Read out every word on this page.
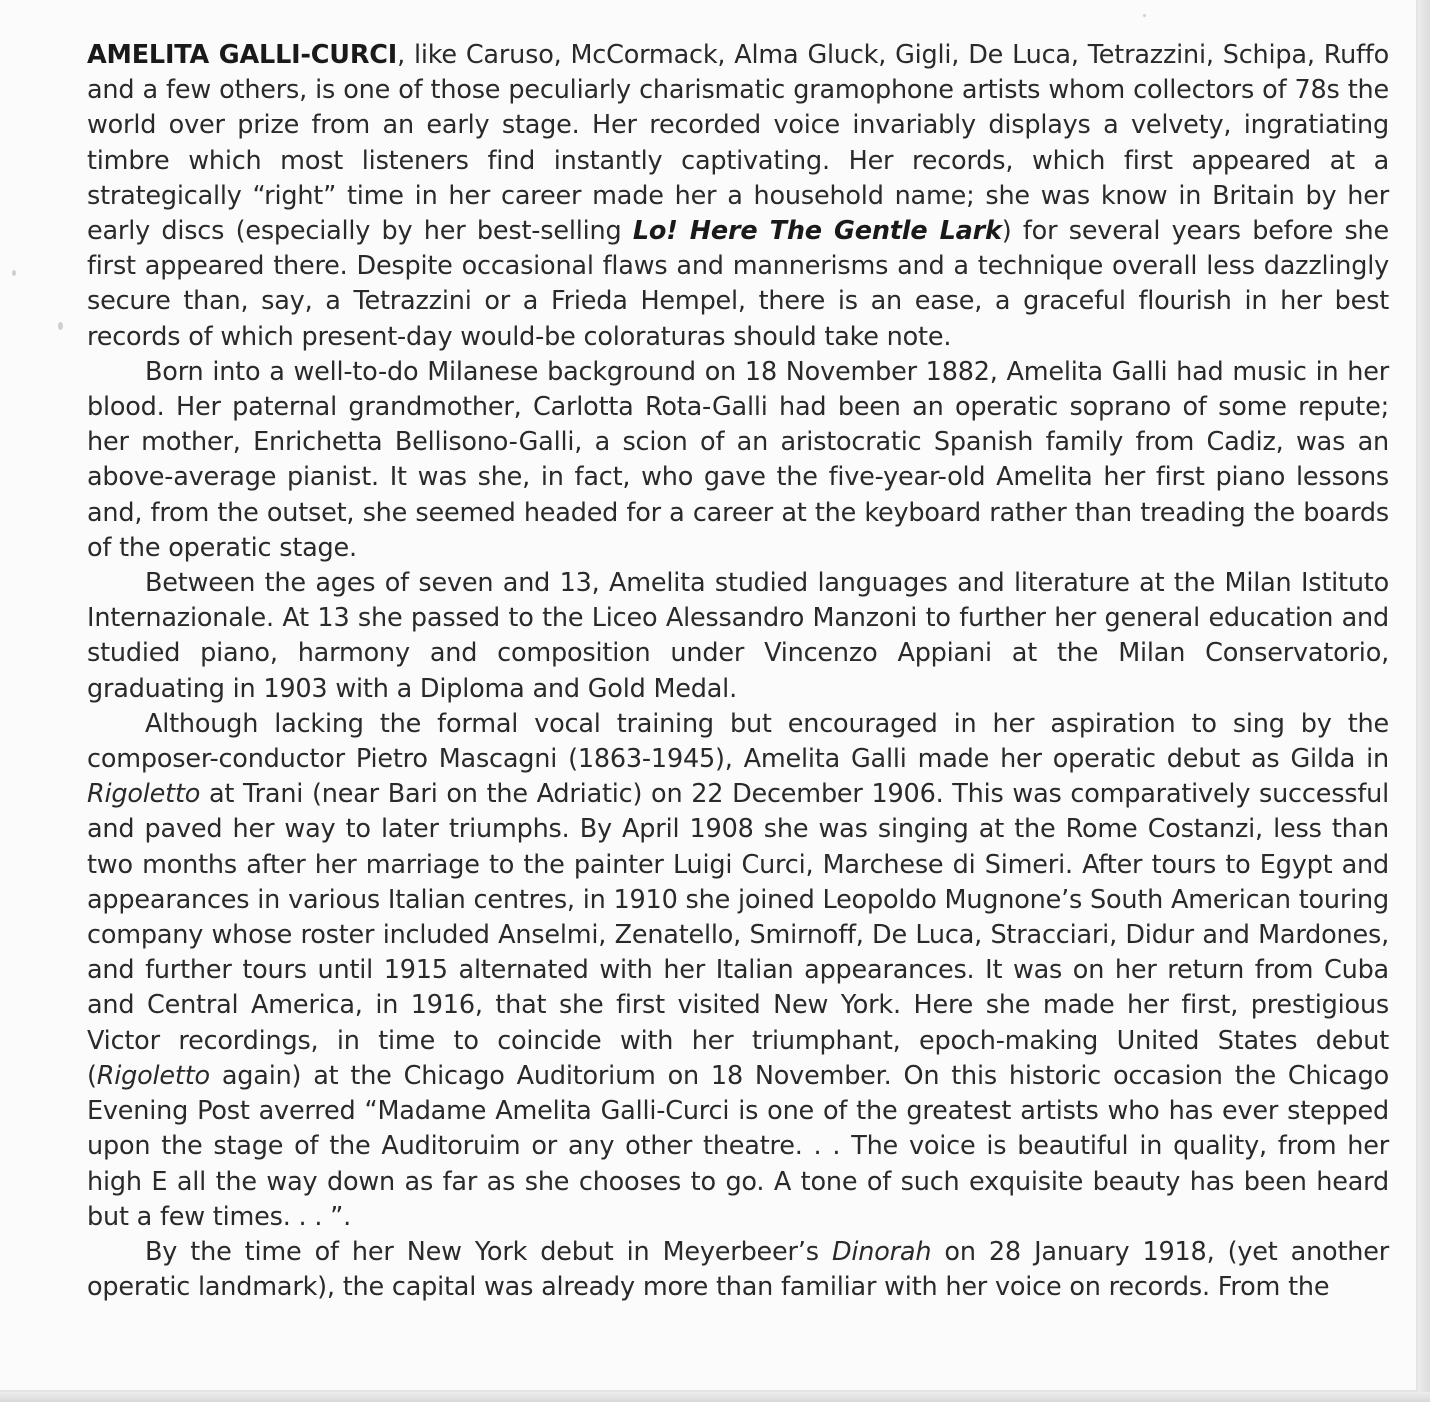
AMELITA GALLI-CURCI, like Caruso, McCormack, Alma Gluck, Gigli, De Luca, Tetrazzini, Schipa, Ruffo and a few others, is one of those peculiarly charismatic gramophone artists whom collectors of 78s the world over prize from an early stage. Her recorded voice invariably displays a velvety, ingratiating timbre which most listeners find instantly captivating. Her records, which first appeared at a strategically “right” time in her career made her a household name; she was know in Britain by her early discs (especially by her best-selling Lo! Here The Gentle Lark) for several years before she first appeared there. Despite occasional flaws and mannerisms and a technique overall less dazzlingly secure than, say, a Tetrazzini or a Frieda Hempel, there is an ease, a graceful flourish in her best records of which present-day would-be coloraturas should take note.

Born into a well-to-do Milanese background on 18 November 1882, Amelita Galli had music in her blood. Her paternal grandmother, Carlotta Rota-Galli had been an operatic soprano of some repute; her mother, Enrichetta Bellisono-Galli, a scion of an aristocratic Spanish family from Cadiz, was an above-average pianist. It was she, in fact, who gave the five-year-old Amelita her first piano lessons and, from the outset, she seemed headed for a career at the keyboard rather than treading the boards of the operatic stage.

Between the ages of seven and 13, Amelita studied languages and literature at the Milan Istituto Internazionale. At 13 she passed to the Liceo Alessandro Manzoni to further her general education and studied piano, harmony and composition under Vincenzo Appiani at the Milan Conservatorio, graduating in 1903 with a Diploma and Gold Medal.

Although lacking the formal vocal training but encouraged in her aspiration to sing by the composer-conductor Pietro Mascagni (1863-1945), Amelita Galli made her operatic debut as Gilda in Rigoletto at Trani (near Bari on the Adriatic) on 22 December 1906. This was comparatively successful and paved her way to later triumphs. By April 1908 she was singing at the Rome Costanzi, less than two months after her marriage to the painter Luigi Curci, Marchese di Simeri. After tours to Egypt and appearances in various Italian centres, in 1910 she joined Leopoldo Mugnone’s South American touring company whose roster included Anselmi, Zenatello, Smirnoff, De Luca, Stracciari, Didur and Mardones, and further tours until 1915 alternated with her Italian appearances. It was on her return from Cuba and Central America, in 1916, that she first visited New York. Here she made her first, prestigious Victor recordings, in time to coincide with her triumphant, epoch-making United States debut (Rigoletto again) at the Chicago Auditorium on 18 November. On this historic occasion the Chicago Evening Post averred “Madame Amelita Galli-Curci is one of the greatest artists who has ever stepped upon the stage of the Auditoruim or any other theatre. . . The voice is beautiful in quality, from her high E all the way down as far as she chooses to go. A tone of such exquisite beauty has been heard but a few times. . . ”.

By the time of her New York debut in Meyerbeer’s Dinorah on 28 January 1918, (yet another operatic landmark), the capital was already more than familiar with her voice on records. From the
